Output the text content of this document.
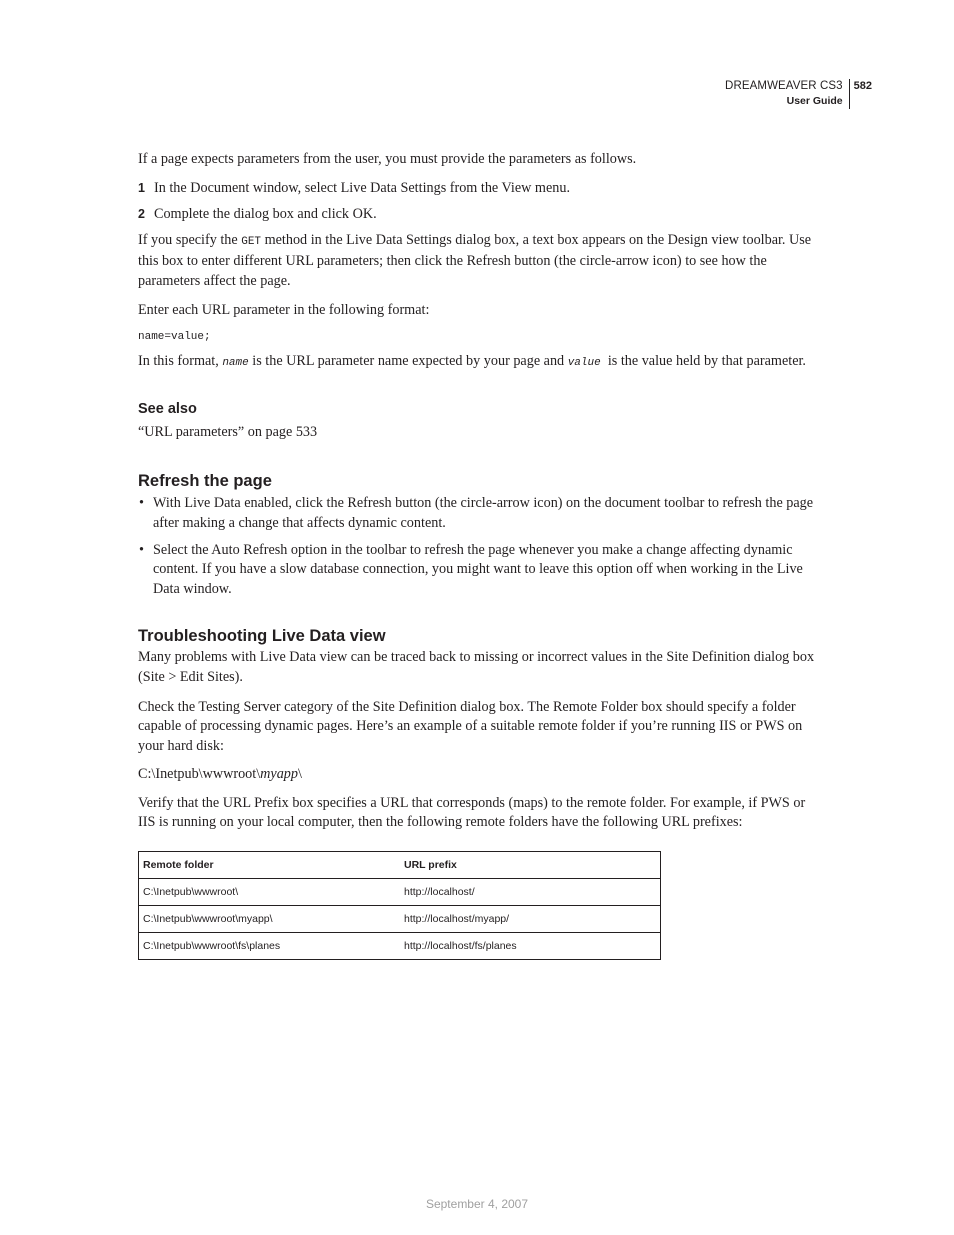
DREAMWEAVER CS3
User Guide
582

If a page expects parameters from the user, you must provide the parameters as follows.

1 In the Document window, select Live Data Settings from the View menu.

2 Complete the dialog box and click OK.

If you specify the GET method in the Live Data Settings dialog box, a text box appears on the Design view toolbar. Use this box to enter different URL parameters; then click the Refresh button (the circle-arrow icon) to see how the parameters affect the page.

Enter each URL parameter in the following format:

name=value;

In this format, name is the URL parameter name expected by your page and value  is the value held by that parameter.

See also

“URL parameters” on page 533

Refresh the page

• With Live Data enabled, click the Refresh button (the circle-arrow icon) on the document toolbar to refresh the page after making a change that affects dynamic content.

• Select the Auto Refresh option in the toolbar to refresh the page whenever you make a change affecting dynamic content. If you have a slow database connection, you might want to leave this option off when working in the Live Data window.

Troubleshooting Live Data view

Many problems with Live Data view can be traced back to missing or incorrect values in the Site Definition dialog box (Site > Edit Sites).

Check the Testing Server category of the Site Definition dialog box. The Remote Folder box should specify a folder capable of processing dynamic pages. Here’s an example of a suitable remote folder if you’re running IIS or PWS on your hard disk:

C:\Inetpub\wwwroot\myapp\

Verify that the URL Prefix box specifies a URL that corresponds (maps) to the remote folder. For example, if PWS or IIS is running on your local computer, then the following remote folders have the following URL prefixes:

Remote folder	URL prefix
C:\Inetpub\wwwroot\	http://localhost/
C:\Inetpub\wwwroot\myapp\	http://localhost/myapp/
C:\Inetpub\wwwroot\fs\planes	http://localhost/fs/planes
September 4, 2007
